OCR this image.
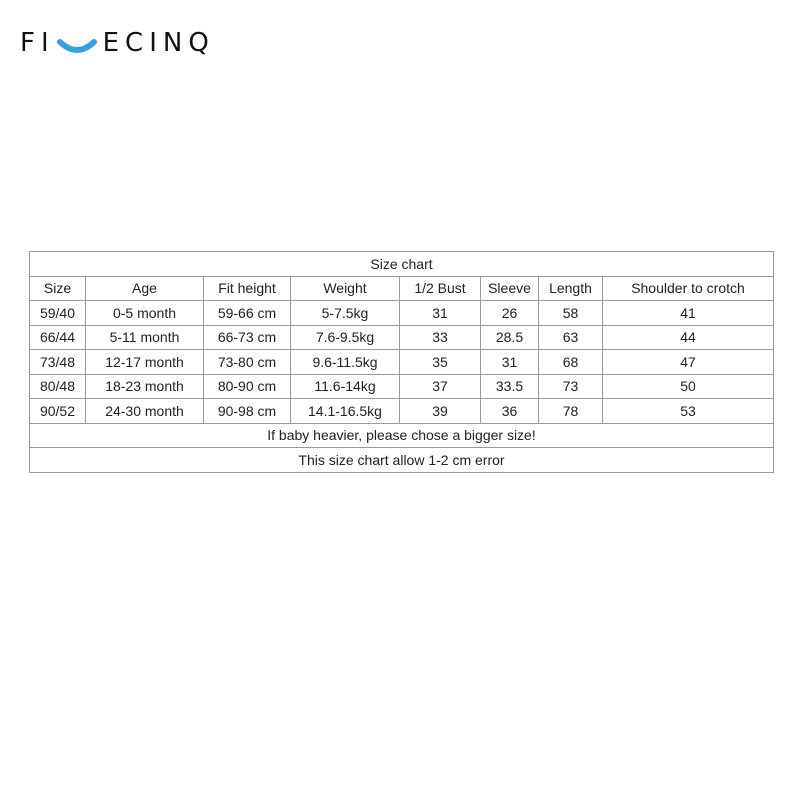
FI ECINQ
Size chart							
Size	Age	Fit height	Weight	1/2 Bust	Sleeve	Length	Shoulder to crotch
59/40	0-5 month	59-66 cm	5-7.5kg	31	26	58	41
66/44	5-11 month	66-73 cm	7.6-9.5kg	33	28.5	63	44
73/48	12-17 month	73-80 cm	9.6-11.5kg	35	31	68	47
80/48	18-23 month	80-90 cm	11.6-14kg	37	33.5	73	50
90/52	24-30 month	90-98 cm	14.1-16.5kg	39	36	78	53
If baby heavier, please chose a bigger size!							
This size chart allow 1-2 cm error							
